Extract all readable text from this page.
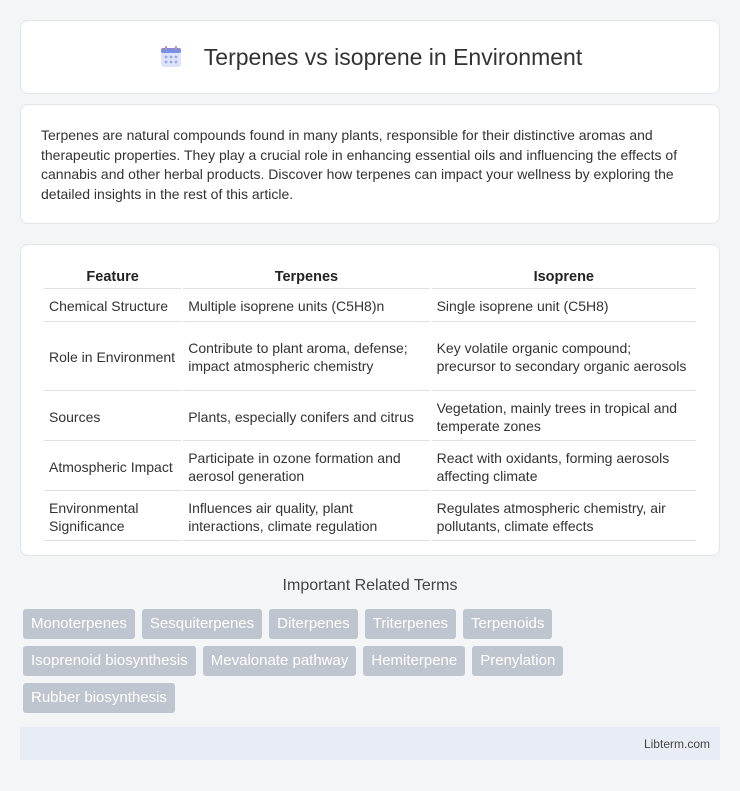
Terpenes vs isoprene in Environment

Terpenes are natural compounds found in many plants, responsible for their distinctive aromas and therapeutic properties. They play a crucial role in enhancing essential oils and influencing the effects of cannabis and other herbal products. Discover how terpenes can impact your wellness by exploring the detailed insights in the rest of this article.

Feature	Terpenes	Isoprene
Chemical Structure	Multiple isoprene units (C5H8)n	Single isoprene unit (C5H8)
Role in Environment	Contribute to plant aroma, defense; impact atmospheric chemistry	Key volatile organic compound; precursor to secondary organic aerosols
Sources	Plants, especially conifers and citrus	Vegetation, mainly trees in tropical and temperate zones
Atmospheric Impact	Participate in ozone formation and aerosol generation	React with oxidants, forming aerosols affecting climate
Environmental Significance	Influences air quality, plant interactions, climate regulation	Regulates atmospheric chemistry, air pollutants, climate effects
Important Related Terms
Monoterpenes	Sesquiterpenes	Diterpenes	Triterpenes	Terpenoids
Isoprenoid biosynthesis	Mevalonate pathway	Hemiterpene	Prenylation
Rubber biosynthesis
Libterm.com
